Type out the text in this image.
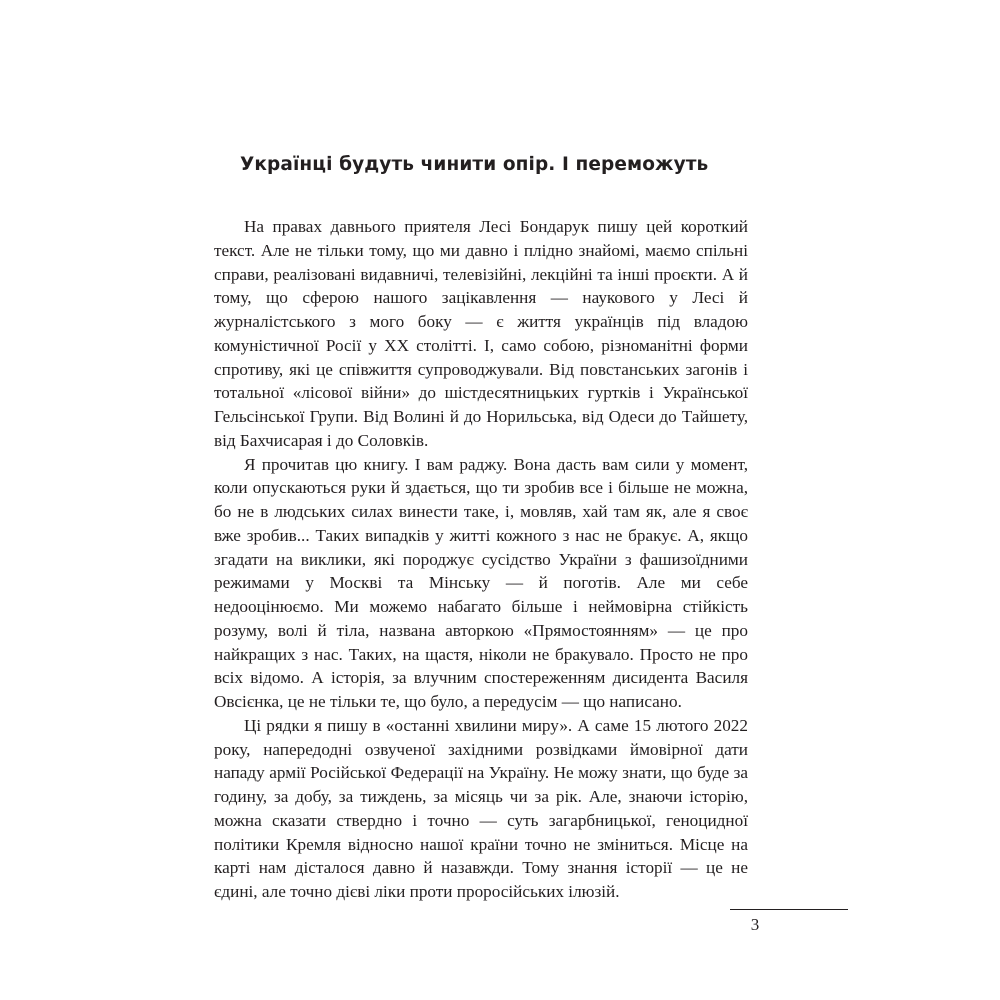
Українці будуть чинити опір. І переможуть

На правах давнього приятеля Лесі Бондарук пишу цей короткий текст. Але не тільки тому, що ми давно і плідно знайомі, маємо спільні справи, реалізовані видавничі, телевізійні, лекційні та інші проєкти. А й тому, що сферою нашого зацікавлення — наукового у Лесі й журналістського з мого боку — є життя українців під владою комуністичної Росії у ХХ столітті. І, само собою, різноманітні форми спротиву, які це співжиття супроводжували. Від повстанських загонів і тотальної «лісової війни» до шістдесятницьких гуртків і Української Гельсінської Групи. Від Волині й до Норильська, від Одеси до Тайшету, від Бахчисарая і до Соловків.

Я прочитав цю книгу. І вам раджу. Вона дасть вам сили у момент, коли опускаються руки й здається, що ти зробив все і більше не можна, бо не в людських силах винести таке, і, мовляв, хай там як, але я своє вже зробив... Таких випадків у житті кожного з нас не бракує. А, якщо згадати на виклики, які породжує сусідство України з фашизоїдними режимами у Москві та Мінську — й поготів. Але ми себе недооцінюємо. Ми можемо набагато більше і неймовірна стійкість розуму, волі й тіла, названа авторкою «Прямостоянням» — це про найкращих з нас. Таких, на щастя, ніколи не бракувало. Просто не про всіх відомо. А історія, за влучним спостереженням дисидента Василя Овсієнка, це не тільки те, що було, а передусім — що написано.

Ці рядки я пишу в «останні хвилини миру». А саме 15 лютого 2022 року, напередодні озвученої західними розвідками ймовірної дати нападу армії Російської Федерації на Україну. Не можу знати, що буде за годину, за добу, за тиждень, за місяць чи за рік. Але, знаючи історію, можна сказати ствердно і точно — суть загарбницької, геноцидної політики Кремля відносно нашої країни точно не зміниться. Місце на карті нам дісталося давно й назавжди. Тому знання історії — це не єдині, але точно дієві ліки проти проросійських ілюзій.

3
